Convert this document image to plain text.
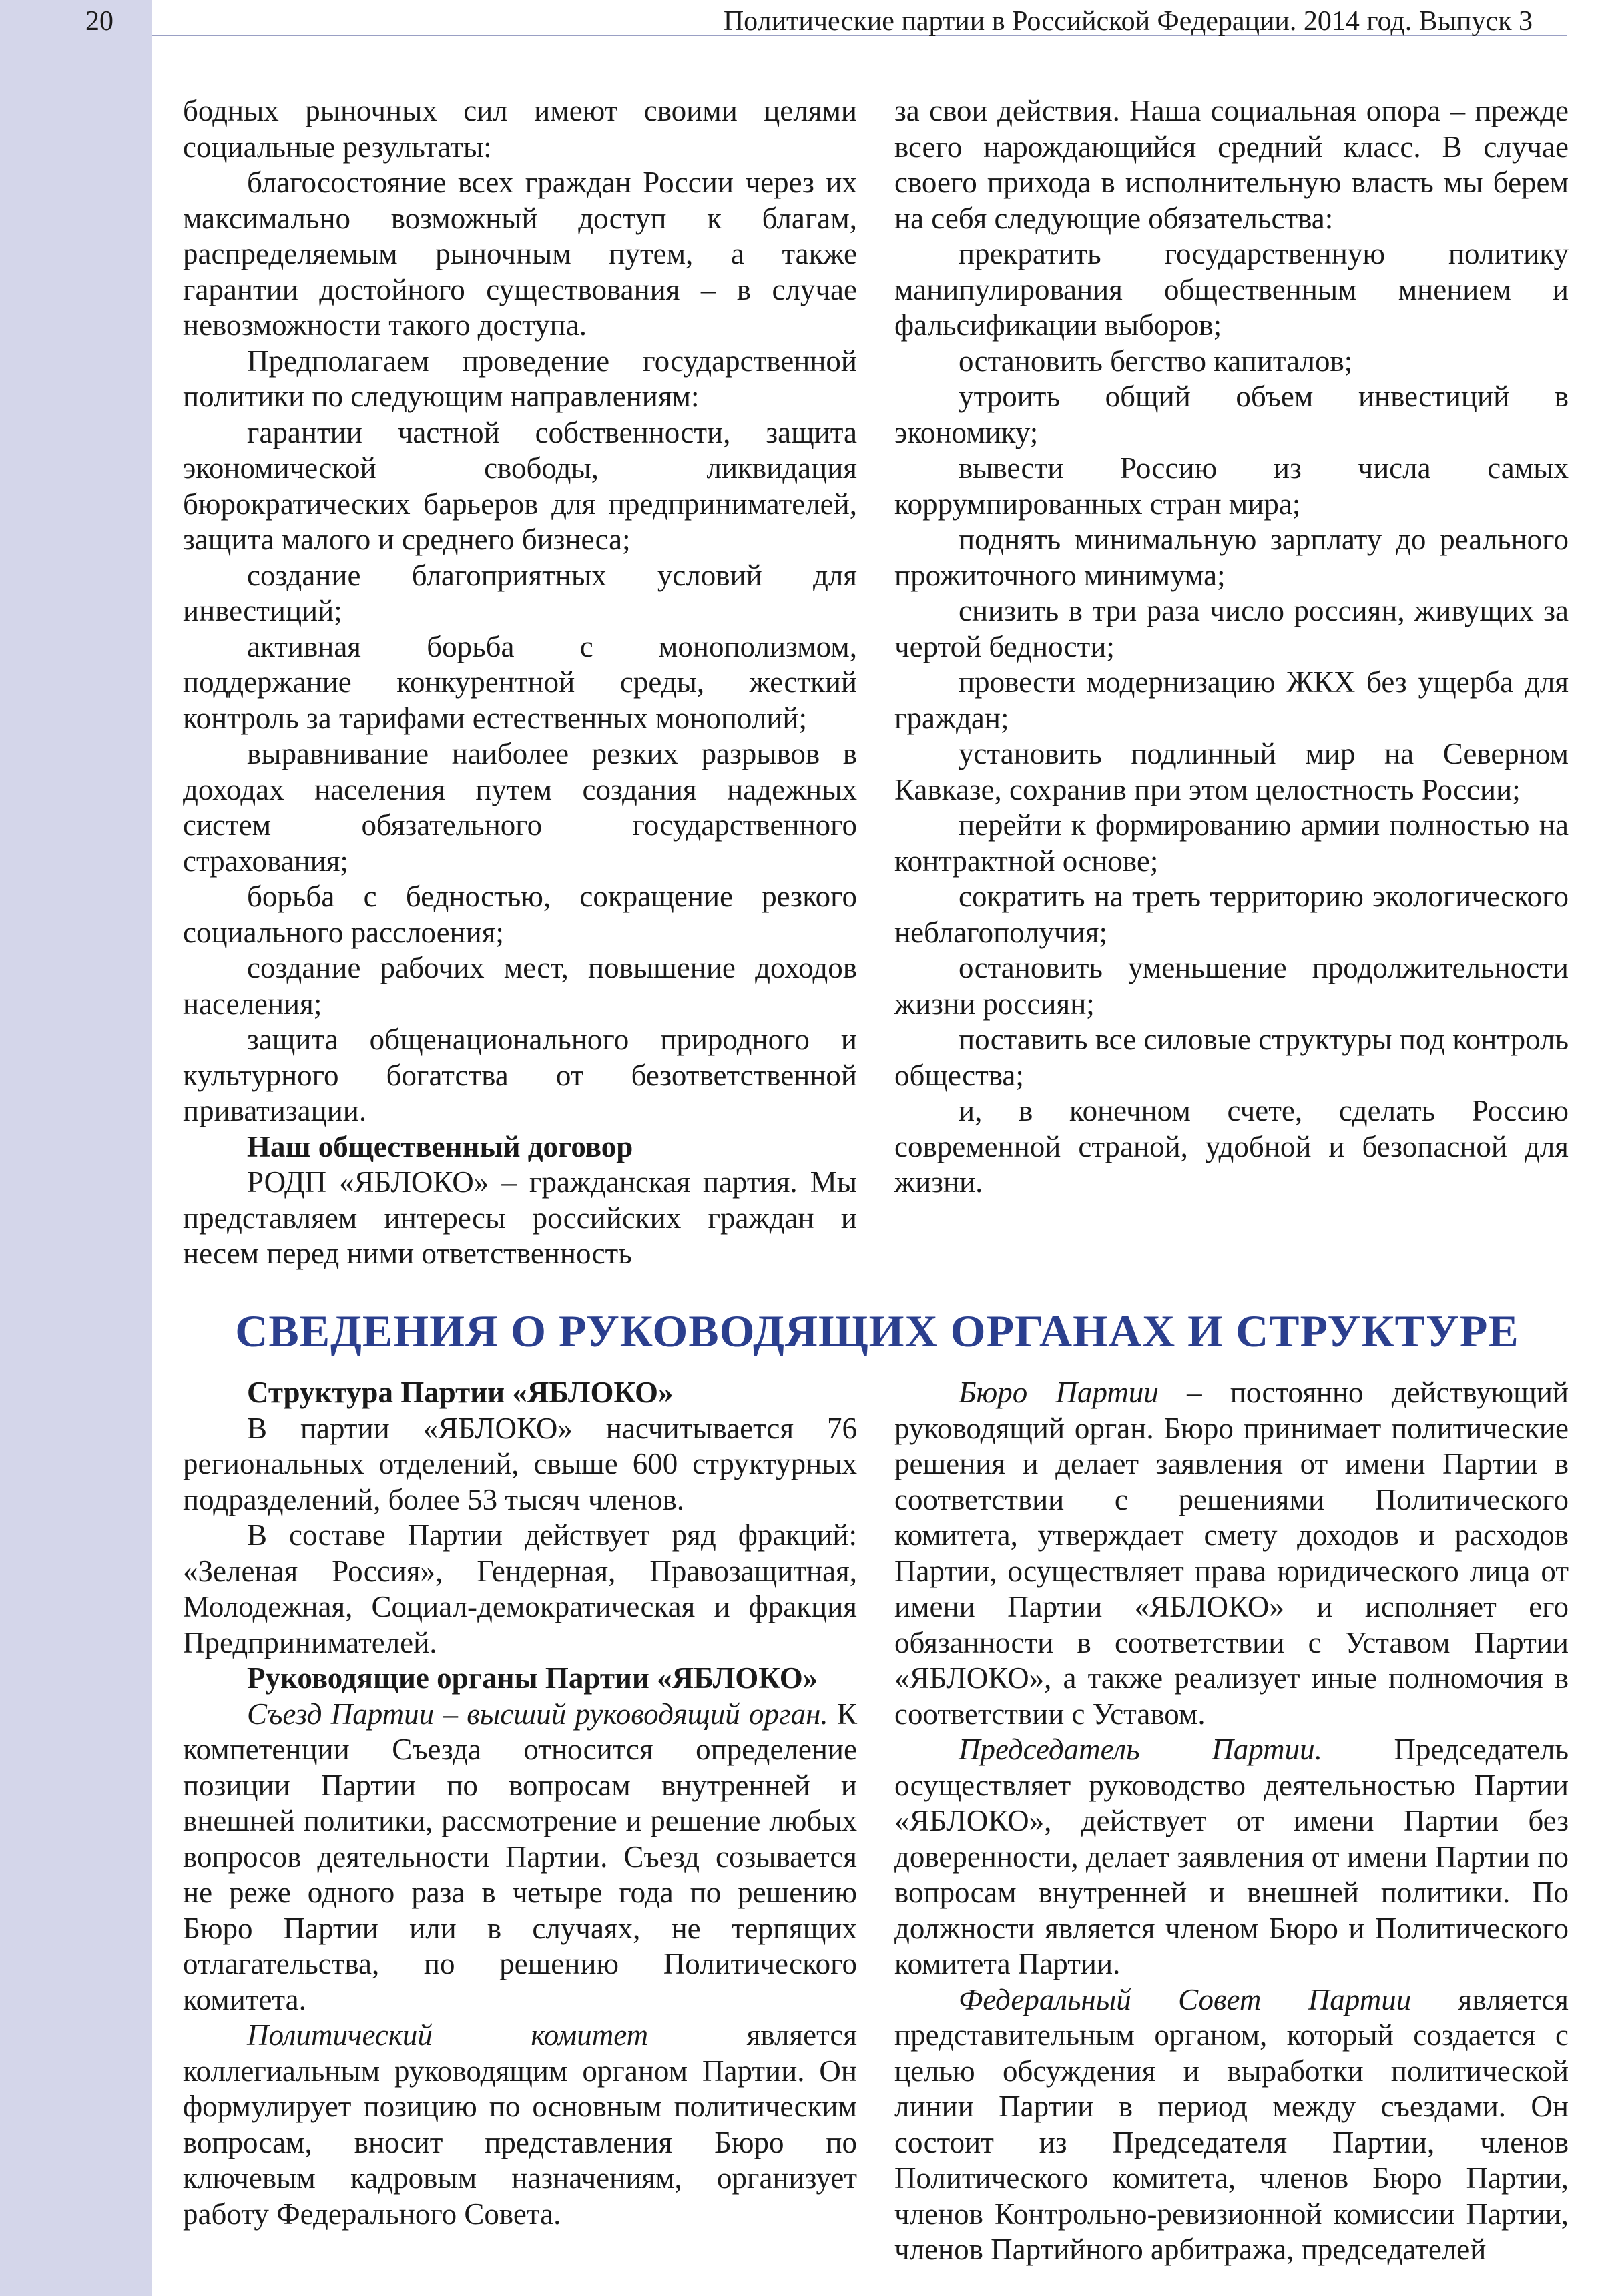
20	Политические партии в Российской Федерации. 2014 год. Выпуск 3

бодных рыночных сил имеют своими целями социальные результаты:

благосостояние всех граждан России через их максимально возможный доступ к благам, распределяемым рыночным путем, а также гарантии достойного существования – в случае невозможности такого доступа.

Предполагаем проведение государственной политики по следующим направлениям:

гарантии частной собственности, защита экономической свободы, ликвидация бюрократических барьеров для предпринимателей, защита малого и среднего бизнеса;

создание благоприятных условий для инвестиций;

активная борьба с монополизмом, поддержание конкурентной среды, жесткий контроль за тарифами естественных монополий;

выравнивание наиболее резких разрывов в доходах населения путем создания надежных систем обязательного государственного страхования;

борьба с бедностью, сокращение резкого социального расслоения;

создание рабочих мест, повышение доходов населения;

защита общенационального природного и культурного богатства от безответственной приватизации.

Наш общественный договор

РОДП «ЯБЛОКО» – гражданская партия. Мы представляем интересы российских граждан и несем перед ними ответственность

за свои действия. Наша социальная опора – прежде всего нарождающийся средний класс. В случае своего прихода в исполнительную власть мы берем на себя следующие обязательства:

прекратить государственную политику манипулирования общественным мнением и фальсификации выборов;

остановить бегство капиталов;

утроить общий объем инвестиций в экономику;

вывести Россию из числа самых коррумпированных стран мира;

поднять минимальную зарплату до реального прожиточного минимума;

снизить в три раза число россиян, живущих за чертой бедности;

провести модернизацию ЖКХ без ущерба для граждан;

установить подлинный мир на Северном Кавказе, сохранив при этом целостность России;

перейти к формированию армии полностью на контрактной основе;

сократить на треть территорию экологического неблагополучия;

остановить уменьшение продолжительности жизни россиян;

поставить все силовые структуры под контроль общества;

и, в конечном счете, сделать Россию современной страной, удобной и безопасной для жизни.

СВЕДЕНИЯ О РУКОВОДЯЩИХ ОРГАНАХ И СТРУКТУРЕ

Структура Партии «ЯБЛОКО»

В партии «ЯБЛОКО» насчитывается 76 региональных отделений, свыше 600 структурных подразделений, более 53 тысяч членов.

В составе Партии действует ряд фракций: «Зеленая Россия», Гендерная, Правозащитная, Молодежная, Социал-демократическая и фракция Предпринимателей.

Руководящие органы Партии «ЯБЛОКО»

Съезд Партии – высший руководящий орган. К компетенции Съезда относится определение позиции Партии по вопросам внутренней и внешней политики, рассмотрение и решение любых вопросов деятельности Партии. Съезд созывается не реже одного раза в четыре года по решению Бюро Партии или в случаях, не терпящих отлагательства, по решению Политического комитета.

Политический комитет является коллегиальным руководящим органом Партии. Он формулирует позицию по основным политическим вопросам, вносит представления Бюро по ключевым кадровым назначениям, организует работу Федерального Совета.

Бюро Партии – постоянно действующий руководящий орган. Бюро принимает политические решения и делает заявления от имени Партии в соответствии с решениями Политического комитета, утверждает смету доходов и расходов Партии, осуществляет права юридического лица от имени Партии «ЯБЛОКО» и исполняет его обязанности в соответствии с Уставом Партии «ЯБЛОКО», а также реализует иные полномочия в соответствии с Уставом.

Председатель Партии. Председатель осуществляет руководство деятельностью Партии «ЯБЛОКО», действует от имени Партии без доверенности, делает заявления от имени Партии по вопросам внутренней и внешней политики. По должности является членом Бюро и Политического комитета Партии.

Федеральный Совет Партии является представительным органом, который создается с целью обсуждения и выработки политической линии Партии в период между съездами. Он состоит из Председателя Партии, членов Политического комитета, членов Бюро Партии, членов Контрольно-ревизионной комиссии Партии, членов Партийного арбитража, председателей
